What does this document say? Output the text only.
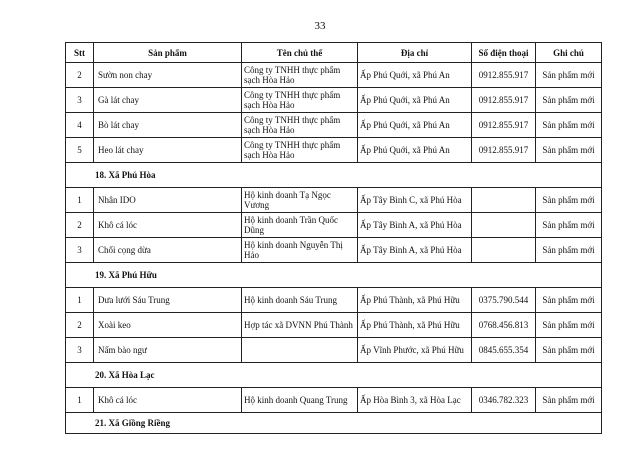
33
Stt	Sản phẩm	Tên chủ thể	Địa chỉ	Số điện thoại	Ghi chú
2	Sườn non chay	Công ty TNHH thực phẩm sạch Hòa Hảo	Ấp Phú Quới, xã Phú An	0912.855.917	Sản phẩm mới
3	Gà lát chay	Công ty TNHH thực phẩm sạch Hòa Hảo	Ấp Phú Quới, xã Phú An	0912.855.917	Sản phẩm mới
4	Bò lát chay	Công ty TNHH thực phẩm sạch Hòa Hảo	Ấp Phú Quới, xã Phú An	0912.855.917	Sản phẩm mới
5	Heo lát chay	Công ty TNHH thực phẩm sạch Hòa Hảo	Ấp Phú Quới, xã Phú An	0912.855.917	Sản phẩm mới
18. Xã Phú Hòa					
1	Nhân IDO	Hộ kinh doanh Tạ Ngọc Vương	Ấp Tây Bình C, xã Phú Hòa		Sản phẩm mới
2	Khô cá lóc	Hộ kinh doanh Trần Quốc Dũng	Ấp Tây Bình A, xã Phú Hòa		Sản phẩm mới
3	Chổi cọng dừa	Hộ kinh doanh Nguyễn Thị Hảo	Ấp Tây Bình A, xã Phú Hòa		Sản phẩm mới
19. Xã Phú Hữu					
1	Dưa lưới Sáu Trung	Hộ kinh doanh Sáu Trung	Ấp Phú Thành, xã Phú Hữu	0375.790.544	Sản phẩm mới
2	Xoài keo	Hợp tác xã DVNN Phú Thành	Ấp Phú Thành, xã Phú Hữu	0768.456.813	Sản phẩm mới
3	Nấm bào ngư		Ấp Vĩnh Phước, xã Phú Hữu	0845.655.354	Sản phẩm mới
20. Xã Hòa Lạc					
1	Khô cá lóc	Hộ kinh doanh Quang Trung	Ấp Hòa Bình 3, xã Hòa Lạc	0346.782.323	Sản phẩm mới
21. Xã Giồng Riềng					
